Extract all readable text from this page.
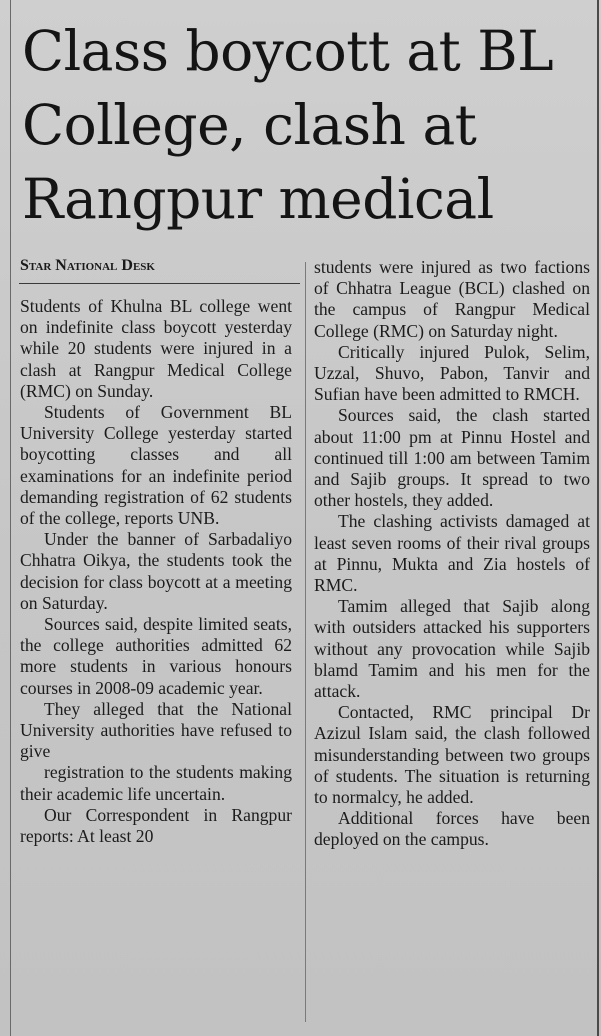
Class boycott at BL
College, clash at
Rangpur medical
Star National Desk

Students of Khulna BL college went on indefinite class boycott yesterday while 20 students were injured in a clash at Rangpur Medical College (RMC) on Sunday.

Students of Government BL University College yesterday started boycotting classes and all examinations for an indefinite period demanding registration of 62 students of the college, reports UNB.

Under the banner of Sarbadaliyo Chhatra Oikya, the students took the decision for class boycott at a meeting on Saturday.

Sources said, despite limited seats, the college authorities admitted 62 more students in various honours courses in 2008-09 academic year.

They alleged that the National University authorities have refused to give

registration to the students making their academic life uncertain.

Our Correspondent in Rangpur reports: At least 20

students were injured as two factions of Chhatra League (BCL) clashed on the campus of Rangpur Medical College (RMC) on Saturday night.

Critically injured Pulok, Selim, Uzzal, Shuvo, Pabon, Tanvir and Sufian have been admitted to RMCH.

Sources said, the clash started about 11:00 pm at Pinnu Hostel and continued till 1:00 am between Tamim and Sajib groups. It spread to two other hostels, they added.

The clashing activists damaged at least seven rooms of their rival groups at Pinnu, Mukta and Zia hostels of RMC.

Tamim alleged that Sajib along with outsiders attacked his supporters without any provocation while Sajib blamd Tamim and his men for the attack.

Contacted, RMC principal Dr Azizul Islam said, the clash followed misunderstanding between two groups of students. The situation is returning to normalcy, he added.

Additional forces have been deployed on the campus.
